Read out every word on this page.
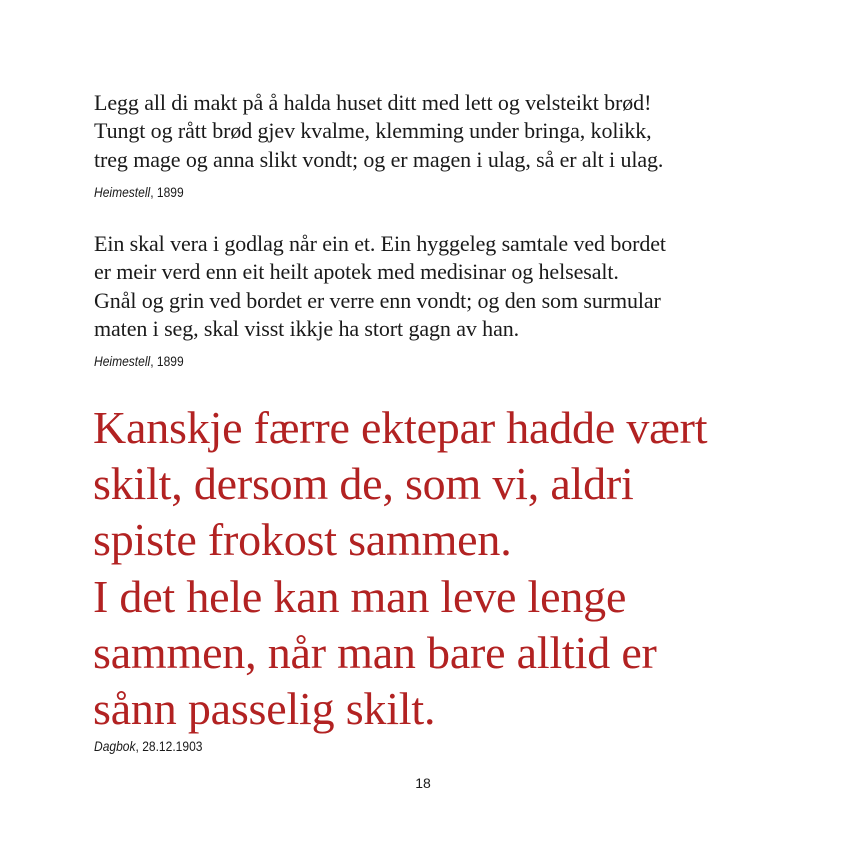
Legg all di makt på å halda huset ditt med lett og velsteikt brød!
Tungt og rått brød gjev kvalme, klemming under bringa, kolikk,
treg mage og anna slikt vondt; og er magen i ulag, så er alt i ulag.

Heimestell, 1899

Ein skal vera i godlag når ein et. Ein hyggeleg samtale ved bordet
er meir verd enn eit heilt apotek med medisinar og helsesalt.
Gnål og grin ved bordet er verre enn vondt; og den som surmular
maten i seg, skal visst ikkje ha stort gagn av han.

Heimestell, 1899

Kanskje færre ektepar hadde vært
skilt, dersom de, som vi, aldri
spiste frokost sammen.
I det hele kan man leve lenge
sammen, når man bare alltid er
sånn passelig skilt.

Dagbok, 28.12.1903
18
